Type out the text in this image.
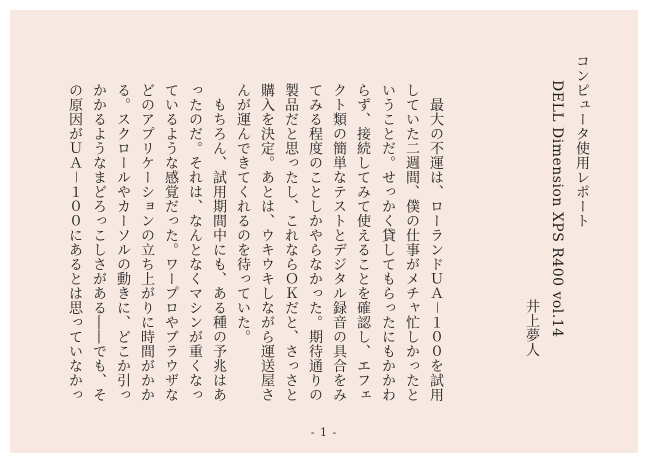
コンピュータ使用レポート
DELL Dimension XPS R400 vol.14
井上夢人
　最大の不運は、ローランドＵＡ－１００を試用
していた二週間、僕の仕事がメチャ忙しかったと
いうことだ。せっかく貸してもらったにもかかわ
らず、接続してみて使えることを確認し、エフェ
クト類の簡単なテストとデジタル録音の具合をみ
てみる程度のことしかやらなかった。期待通りの
製品だと思ったし、これならＯＫだと、さっさと
購入を決定。あとは、ウキウキしながら運送屋さ
んが運んできてくれるのを待っていた。
　もちろん、試用期間中にも、ある種の予兆はあ
ったのだ。それは、なんとなくマシンが重くなっ
ているような感覚だった。ワープロやブラウザな
どのアプリケーションの立ち上がりに時間がかか
る。スクロールやカーソルの動きに、どこか引っ
かかるようなまどろっこしさがある――でも、そ
の原因がＵＡ－１００にあるとは思っていなかっ
- 1 -
